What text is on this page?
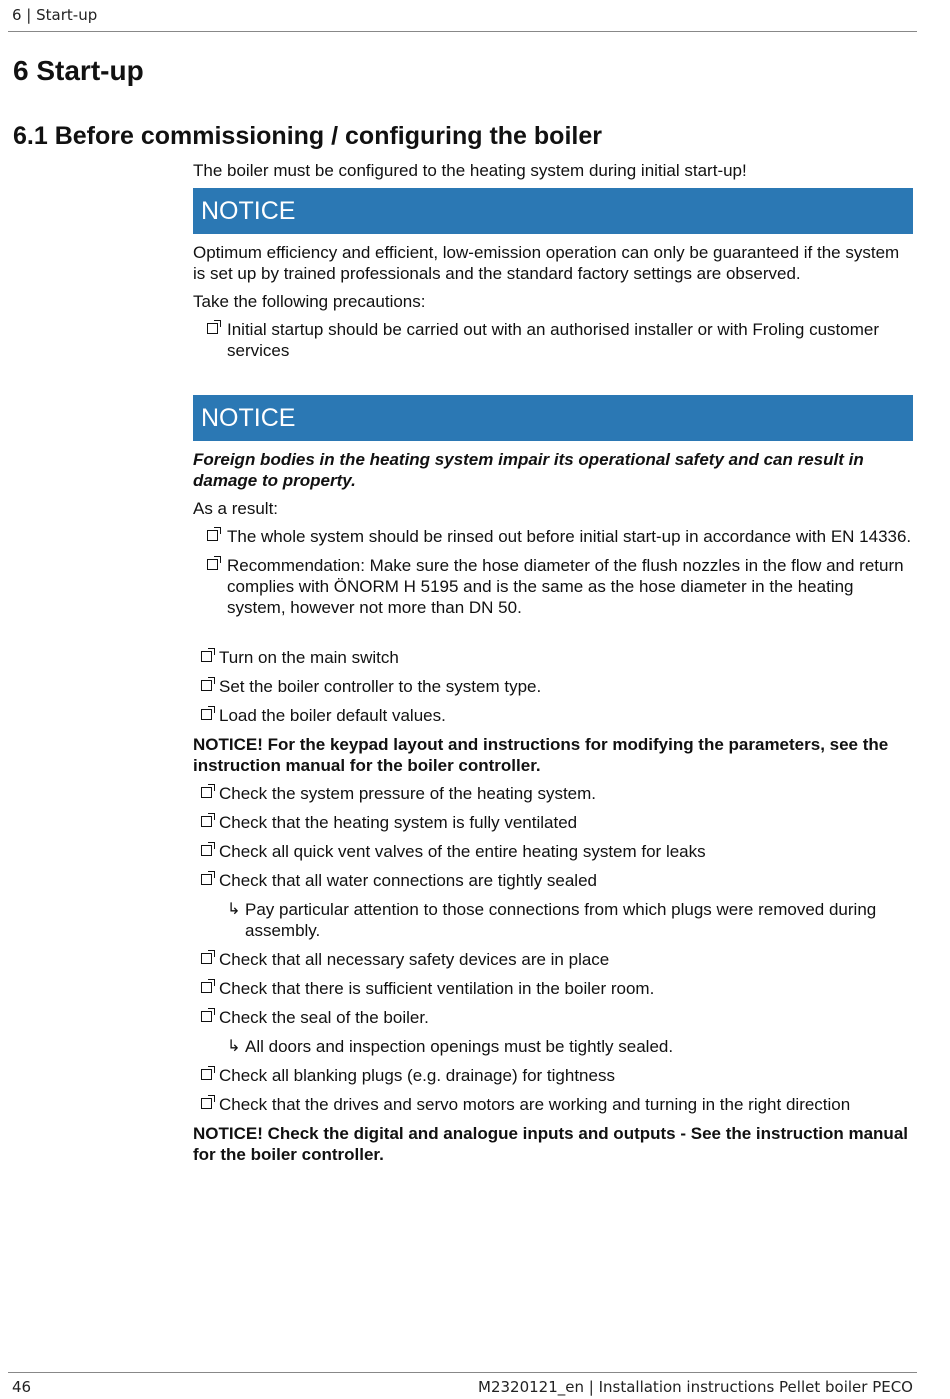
6 | Start-up
6 Start-up
6.1 Before commissioning / configuring the boiler

The boiler must be configured to the heating system during initial start-up!

NOTICE

Optimum efficiency and efficient, low-emission operation can only be guaranteed if the system is set up by trained professionals and the standard factory settings are observed.

Take the following precautions:

Initial startup should be carried out with an authorised installer or with Froling customer services
NOTICE

Foreign bodies in the heating system impair its operational safety and can result in damage to property.

As a result:

The whole system should be rinsed out before initial start-up in accordance with EN 14336.
Recommendation: Make sure the hose diameter of the flush nozzles in the flow and return complies with ÖNORM H 5195 and is the same as the hose diameter in the heating system, however not more than DN 50.
Turn on the main switch
Set the boiler controller to the system type.
Load the boiler default values.

NOTICE! For the keypad layout and instructions for modifying the parameters, see the instruction manual for the boiler controller.

Check the system pressure of the heating system.
Check that the heating system is fully ventilated
Check all quick vent valves of the entire heating system for leaks
Check that all water connections are tightly sealed
↳ Pay particular attention to those connections from which plugs were removed during assembly.
Check that all necessary safety devices are in place
Check that there is sufficient ventilation in the boiler room.
Check the seal of the boiler.
↳ All doors and inspection openings must be tightly sealed.
Check all blanking plugs (e.g. drainage) for tightness
Check that the drives and servo motors are working and turning in the right direction

NOTICE! Check the digital and analogue inputs and outputs - See the instruction manual for the boiler controller.

46	M2320121_en | Installation instructions Pellet boiler PECO
